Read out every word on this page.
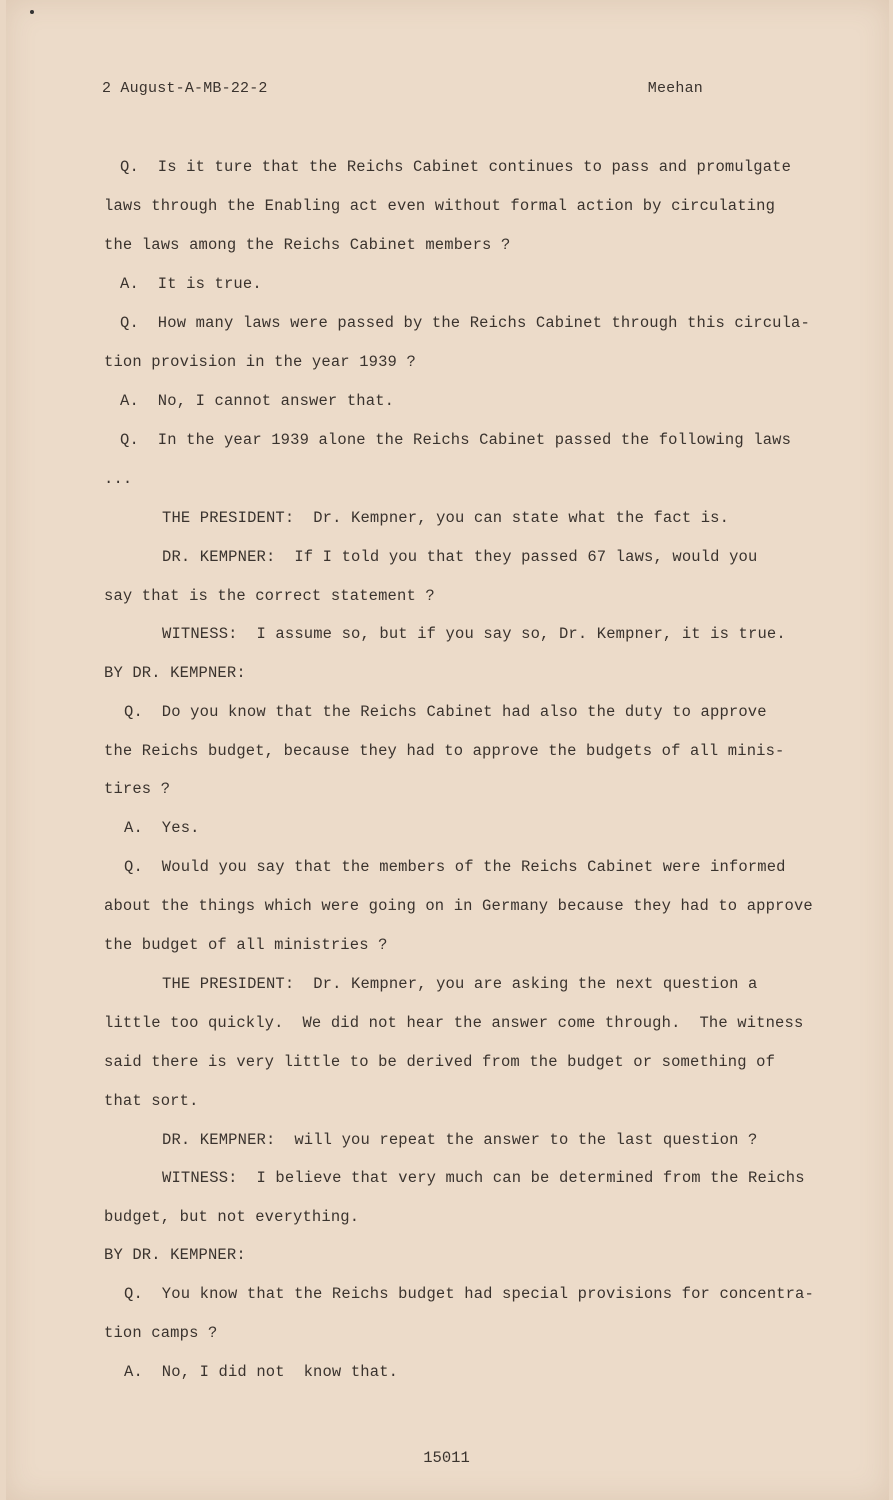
2 August-A-MB-22-2	Meehan
Q.  Is it ture that the Reichs Cabinet continues to pass and promulgate
laws through the Enabling act even without formal action by circulating
the laws among the Reichs Cabinet members ?
A.  It is true.
Q.  How many laws were passed by the Reichs Cabinet through this circula-
tion provision in the year 1939 ?
A.  No, I cannot answer that.
Q.  In the year 1939 alone the Reichs Cabinet passed the following laws
...
THE PRESIDENT:  Dr. Kempner, you can state what the fact is.
DR. KEMPNER:  If I told you that they passed 67 laws, would you
say that is the correct statement ?
WITNESS:  I assume so, but if you say so, Dr. Kempner, it is true.
BY DR. KEMPNER:
Q.  Do you know that the Reichs Cabinet had also the duty to approve
the Reichs budget, because they had to approve the budgets of all minis-
tires ?
A.  Yes.
Q.  Would you say that the members of the Reichs Cabinet were informed
about the things which were going on in Germany because they had to approve
the budget of all ministries ?
THE PRESIDENT:  Dr. Kempner, you are asking the next question a
little too quickly.  We did not hear the answer come through.  The witness
said there is very little to be derived from the budget or something of
that sort.
DR. KEMPNER:  will you repeat the answer to the last question ?
WITNESS:  I believe that very much can be determined from the Reichs
budget, but not everything.
BY DR. KEMPNER:
Q.  You know that the Reichs budget had special provisions for concentra-
tion camps ?
A.  No, I did not  know that.
15011
